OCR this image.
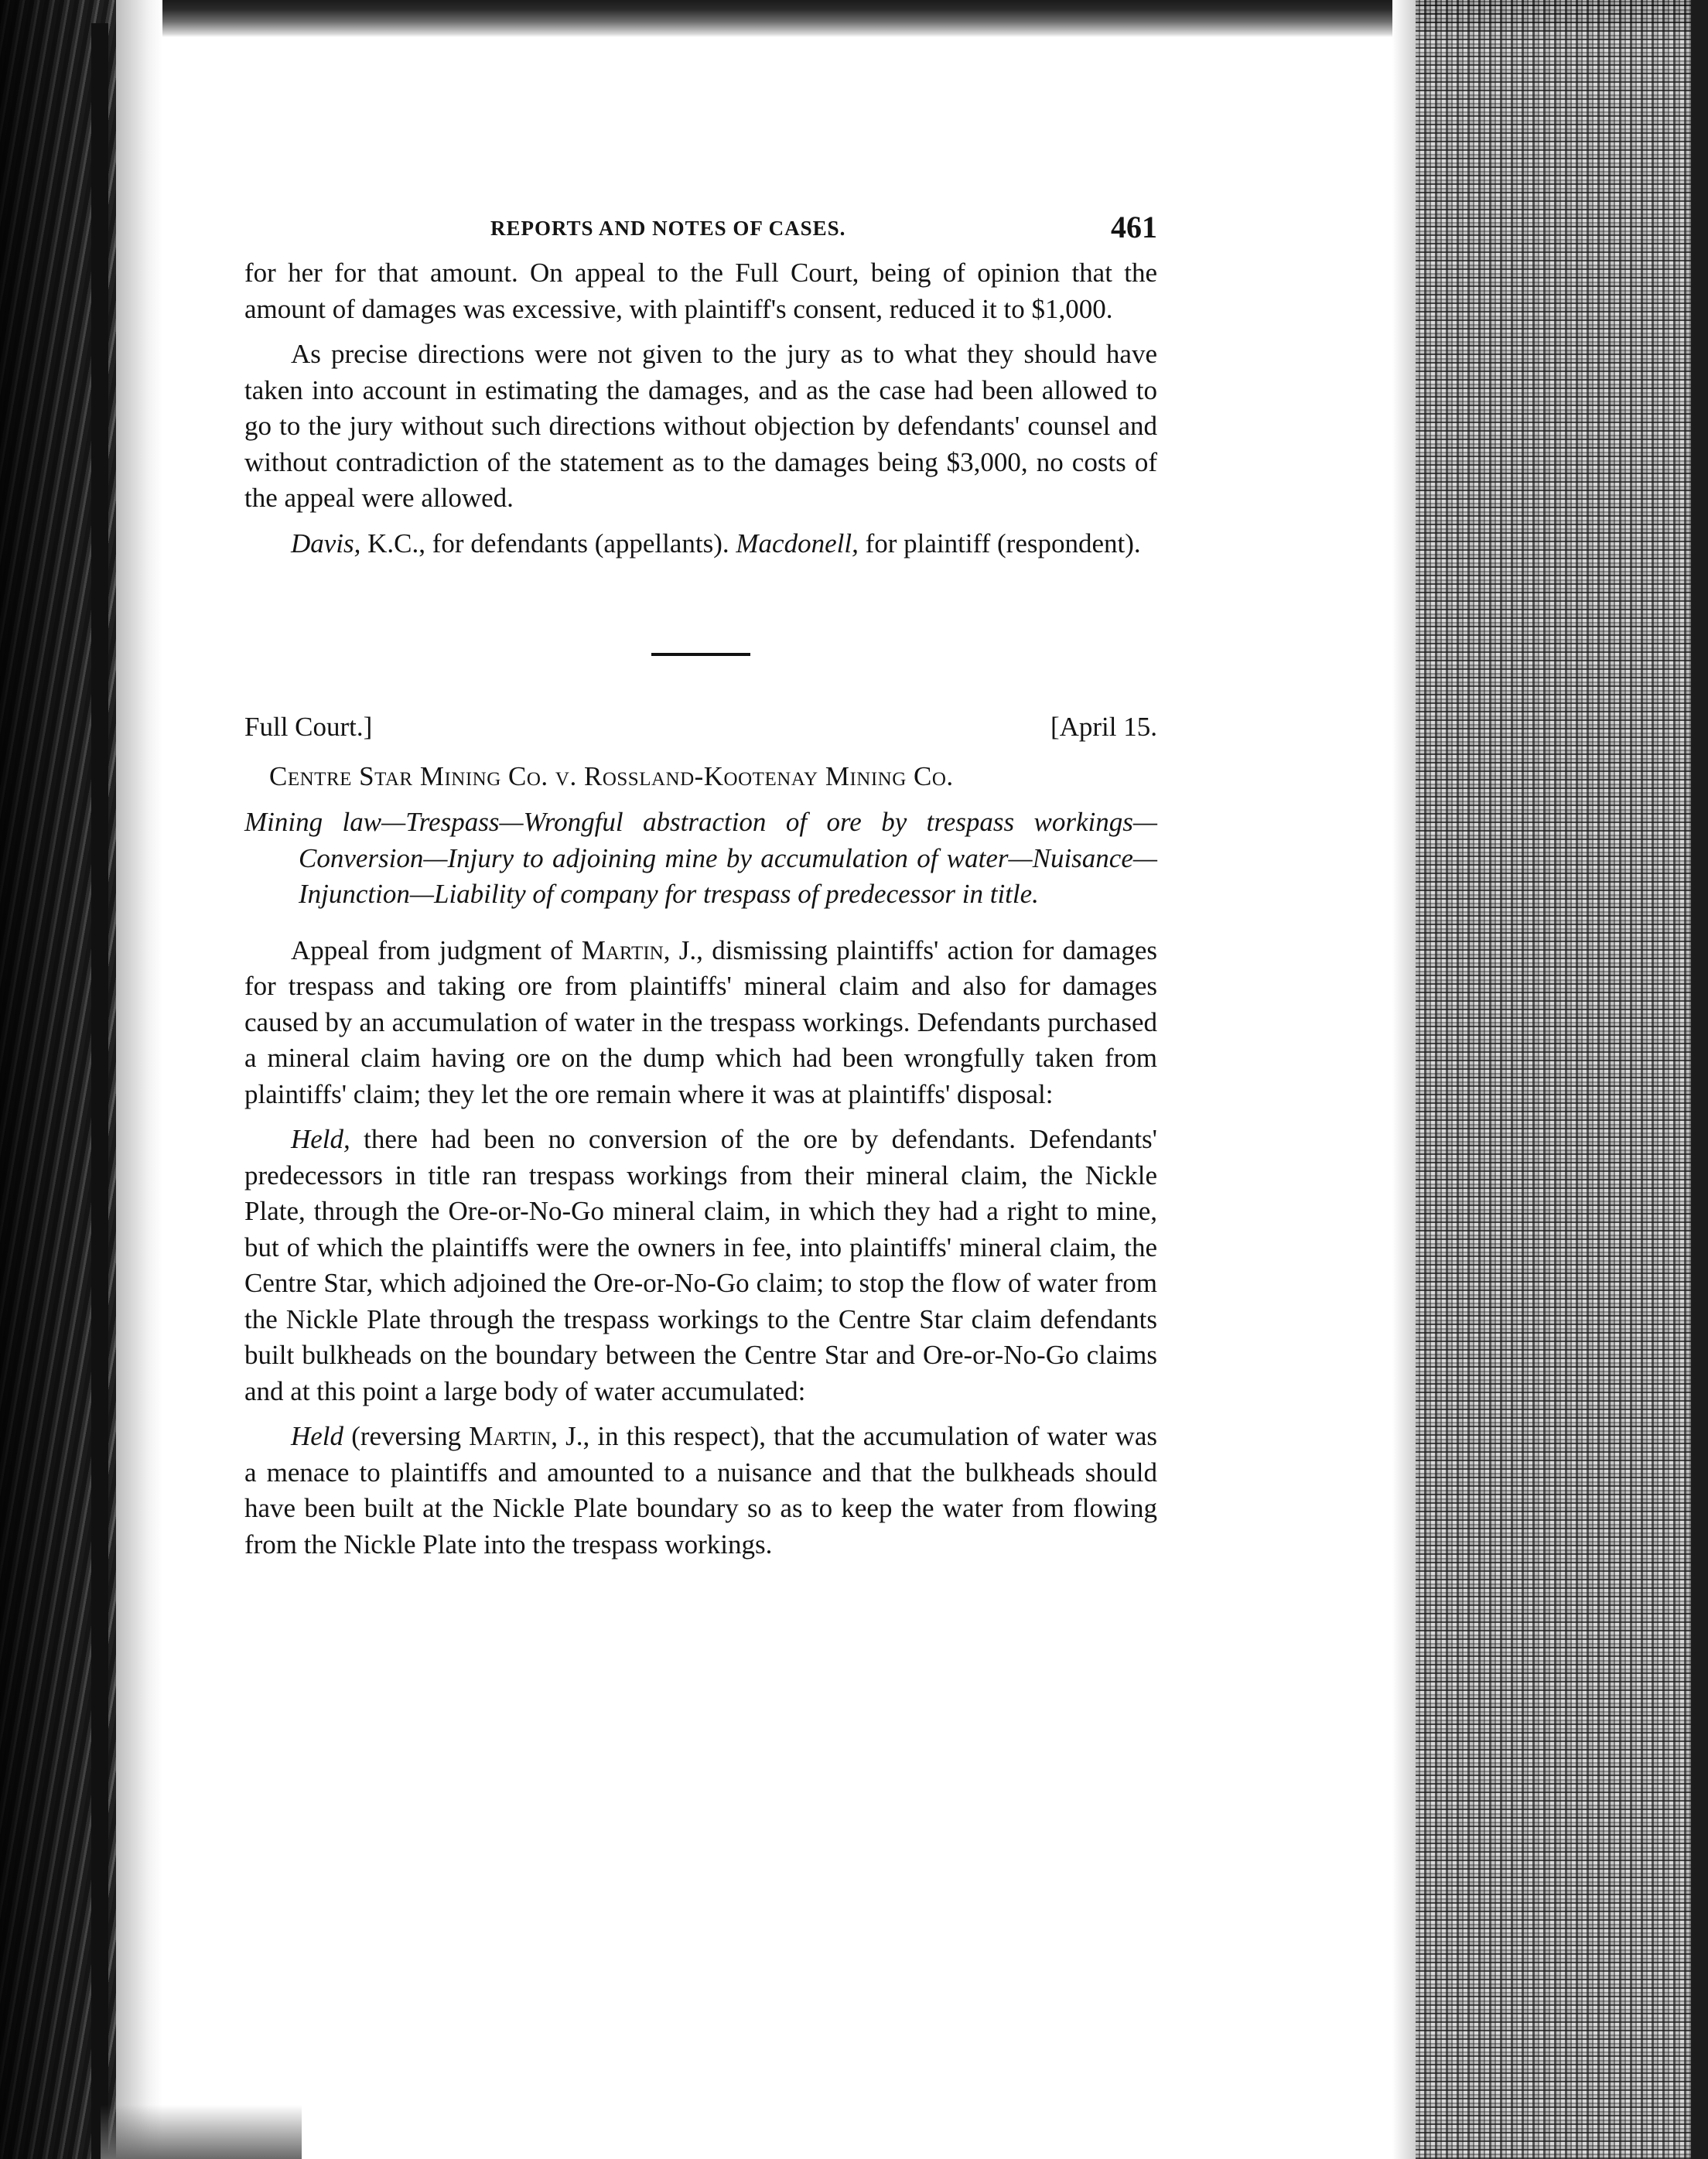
REPORTS AND NOTES OF CASES.	461

for her for that amount. On appeal to the Full Court, being of opinion that the amount of damages was excessive, with plaintiff's consent, reduced it to $1,000.

As precise directions were not given to the jury as to what they should have taken into account in estimating the damages, and as the case had been allowed to go to the jury without such directions without objection by defendants' counsel and without contradiction of the statement as to the damages being $3,000, no costs of the appeal were allowed.

Davis, K.C., for defendants (appellants). Macdonell, for plaintiff (respondent).

Full Court.]	[April 15.
Centre Star Mining Co. v. Rossland-Kootenay Mining Co.
Mining law—Trespass—Wrongful abstraction of ore by trespass workings—Conversion—Injury to adjoining mine by accumulation of water—Nuisance—Injunction—Liability of company for trespass of predecessor in title.

Appeal from judgment of Martin, J., dismissing plaintiffs' action for damages for trespass and taking ore from plaintiffs' mineral claim and also for damages caused by an accumulation of water in the trespass workings. Defendants purchased a mineral claim having ore on the dump which had been wrongfully taken from plaintiffs' claim; they let the ore remain where it was at plaintiffs' disposal:

Held, there had been no conversion of the ore by defendants. Defendants' predecessors in title ran trespass workings from their mineral claim, the Nickle Plate, through the Ore-or-No-Go mineral claim, in which they had a right to mine, but of which the plaintiffs were the owners in fee, into plaintiffs' mineral claim, the Centre Star, which adjoined the Ore-or-No-Go claim; to stop the flow of water from the Nickle Plate through the trespass workings to the Centre Star claim defendants built bulkheads on the boundary between the Centre Star and Ore-or-No-Go claims and at this point a large body of water accumulated:

Held (reversing Martin, J., in this respect), that the accumulation of water was a menace to plaintiffs and amounted to a nuisance and that the bulkheads should have been built at the Nickle Plate boundary so as to keep the water from flowing from the Nickle Plate into the trespass workings.
